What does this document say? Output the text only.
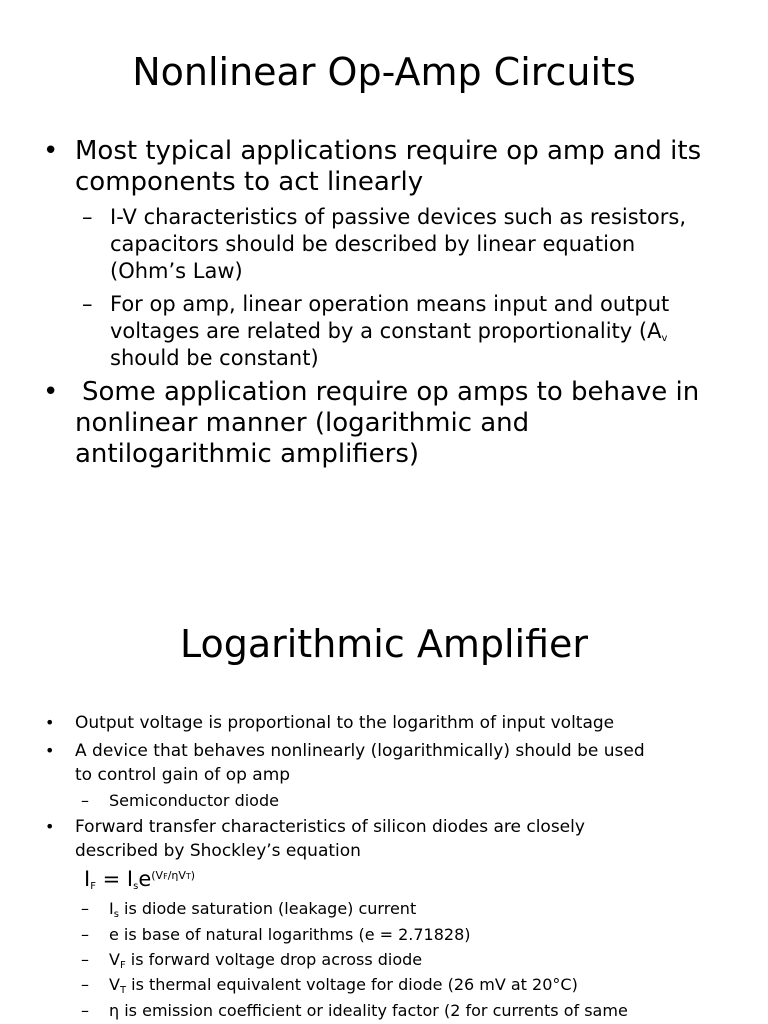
Nonlinear Op-Amp Circuits
• Most typical applications require op amp and its
components to act linearly
– I-V characteristics of passive devices such as resistors,
capacitors should be described by linear equation
(Ohm’s Law)
– For op amp, linear operation means input and output
voltages are related by a constant proportionality ($A_v$
should be constant)
• Some application require op amps to behave in
nonlinear manner (logarithmic and
antilogarithmic amplifiers)
Logarithmic Amplifier
• Output voltage is proportional to the logarithm of input voltage
• A device that behaves nonlinearly (logarithmically) should be used
to control gain of op amp
– Semiconductor diode
• Forward transfer characteristics of silicon diodes are closely
described by Shockley’s equation
$I_F = I_se^{(VF/\eta VT)}$
– $I_s$ is diode saturation (leakage) current
– e is base of natural logarithms (e = 2.71828)
– $V_F$ is forward voltage drop across diode
– $V_T$ is thermal equivalent voltage for diode (26 mV at 20°C)
– η is emission coefficient or ideality factor (2 for currents of same
